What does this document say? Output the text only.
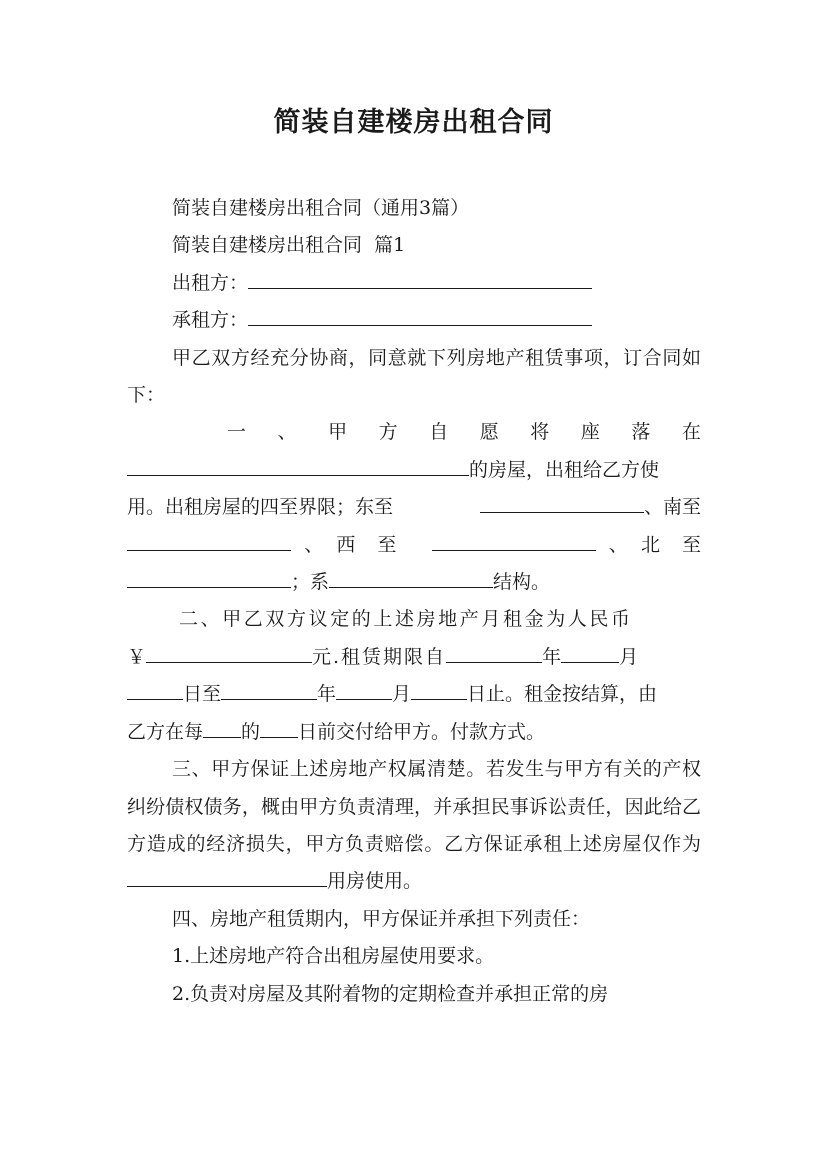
简装自建楼房出租合同

简装自建楼房出租合同（通用3篇）

简装自建楼房出租合同  篇1

出租方：

承租方：

甲乙双方经充分协商，同意就下列房地产租赁事项，订合同如下：

一 、 甲 方 自 愿 将 座 落 在
的房屋，出租给乙方使
用。出租房屋的四至界限；东至	、南至
、 西至	、 北至

；系	结构。

二、甲乙双方议定的上述房地产月租金为人民币
￥	元.租赁期限自	年	月
日至	年	月	日止。租金按结算，由

乙方在每 的 日前交付给甲方。付款方式。

三、甲方保证上述房地产权属清楚。若发生与甲方有关的产权纠纷债权债务，概由甲方负责清理，并承担民事诉讼责任，因此给乙方造成的经济损失，甲方负责赔偿。乙方保证承租上述房屋仅作为用房使用。

四、房地产租赁期内，甲方保证并承担下列责任：

1.上述房地产符合出租房屋使用要求。

2.负责对房屋及其附着物的定期检查并承担正常的房
